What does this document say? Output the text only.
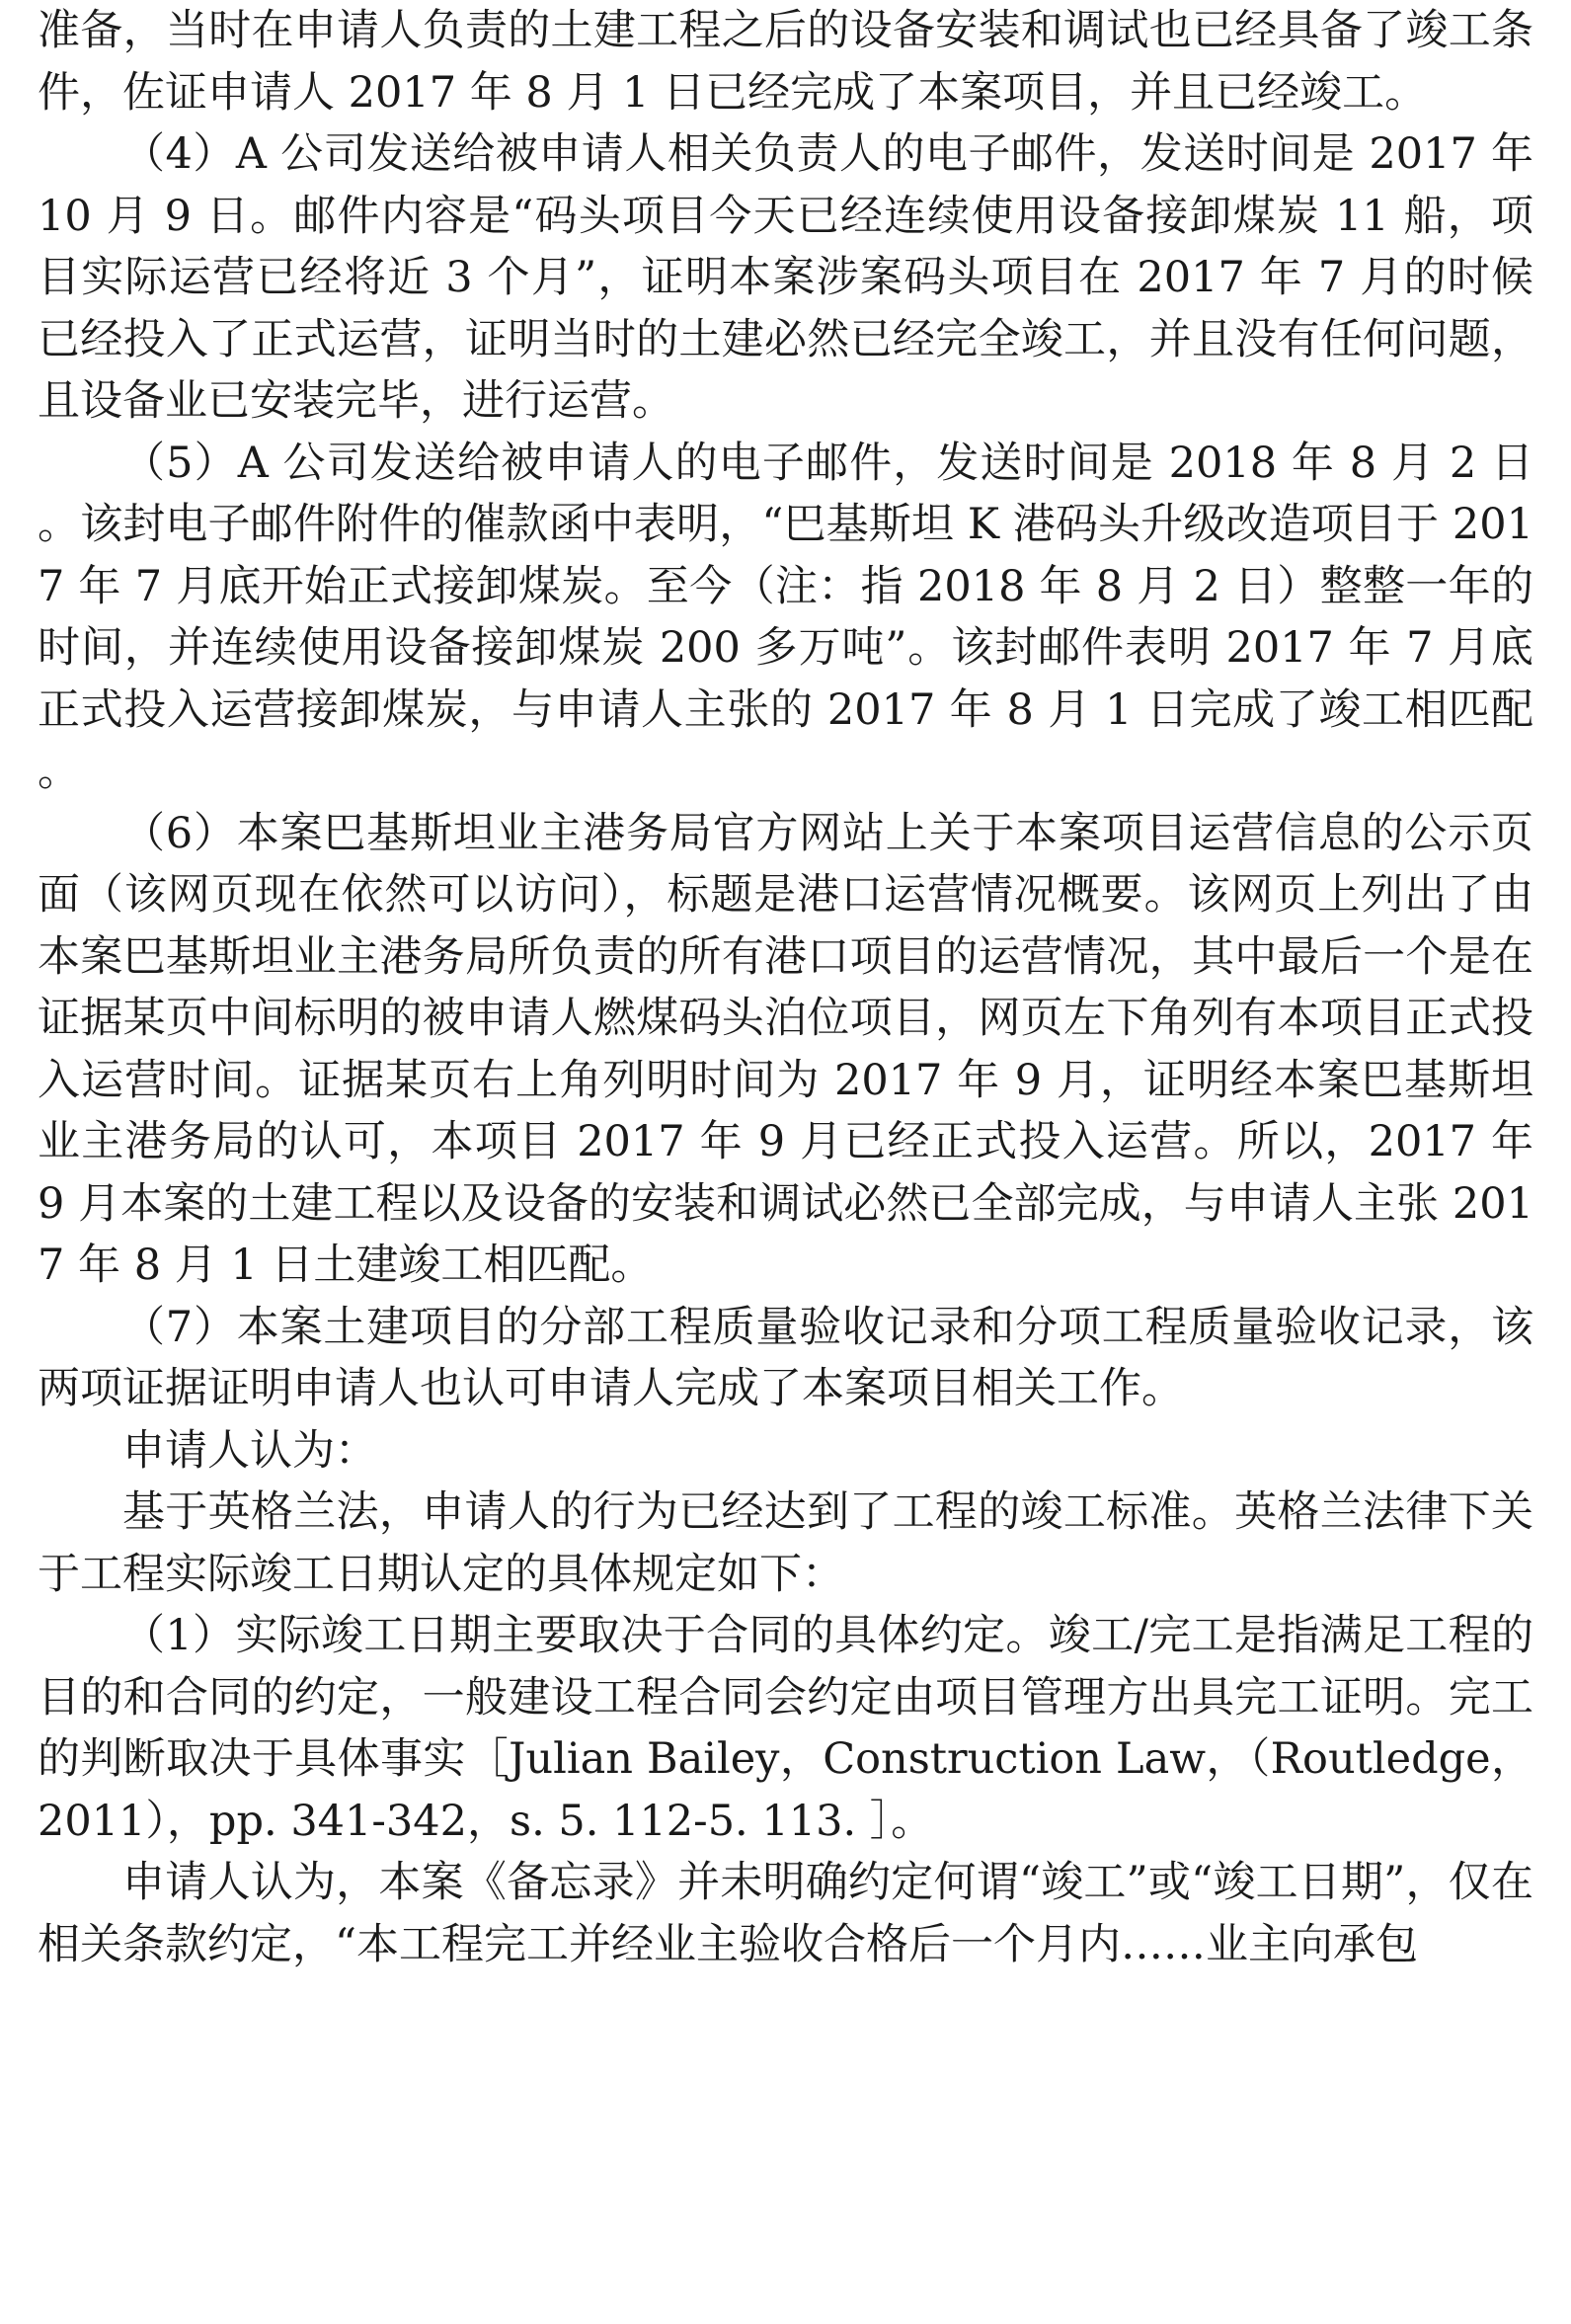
准备，当时在申请人负责的土建工程之后的设备安装和调试也已经具备了竣工条件，佐证申请人 2017 年 8 月 1 日已经完成了本案项目，并且已经竣工。

（4）A 公司发送给被申请人相关负责人的电子邮件，发送时间是 2017 年 10 月 9 日。邮件内容是“码头项目今天已经连续使用设备接卸煤炭 11 船，项目实际运营已经将近 3 个月”，证明本案涉案码头项目在 2017 年 7 月的时候已经投入了正式运营，证明当时的土建必然已经完全竣工，并且没有任何问题，且设备业已安装完毕，进行运营。

（5）A 公司发送给被申请人的电子邮件，发送时间是 2018 年 8 月 2 日。该封电子邮件附件的催款函中表明，“巴基斯坦 K 港码头升级改造项目于 2017 年 7 月底开始正式接卸煤炭。至今（注：指 2018 年 8 月 2 日）整整一年的时间，并连续使用设备接卸煤炭 200 多万吨”。该封邮件表明 2017 年 7 月底正式投入运营接卸煤炭，与申请人主张的 2017 年 8 月 1 日完成了竣工相匹配。

（6）本案巴基斯坦业主港务局官方网站上关于本案项目运营信息的公示页面（该网页现在依然可以访问），标题是港口运营情况概要。该网页上列出了由本案巴基斯坦业主港务局所负责的所有港口项目的运营情况，其中最后一个是在证据某页中间标明的被申请人燃煤码头泊位项目，网页左下角列有本项目正式投入运营时间。证据某页右上角列明时间为 2017 年 9 月，证明经本案巴基斯坦业主港务局的认可，本项目 2017 年 9 月已经正式投入运营。所以，2017 年 9 月本案的土建工程以及设备的安装和调试必然已全部完成，与申请人主张 2017 年 8 月 1 日土建竣工相匹配。

（7）本案土建项目的分部工程质量验收记录和分项工程质量验收记录，该两项证据证明申请人也认可申请人完成了本案项目相关工作。

申请人认为：

基于英格兰法，申请人的行为已经达到了工程的竣工标准。英格兰法律下关于工程实际竣工日期认定的具体规定如下：

（1）实际竣工日期主要取决于合同的具体约定。竣工/完工是指满足工程的目的和合同的约定，一般建设工程合同会约定由项目管理方出具完工证明。完工的判断取决于具体事实［Julian Bailey，Construction Law，（Routledge，2011），pp. 341-342，s. 5. 112-5. 113. ］。

申请人认为，本案《备忘录》并未明确约定何谓“竣工”或“竣工日期”，仅在相关条款约定，“本工程完工并经业主验收合格后一个月内……业主向承包
